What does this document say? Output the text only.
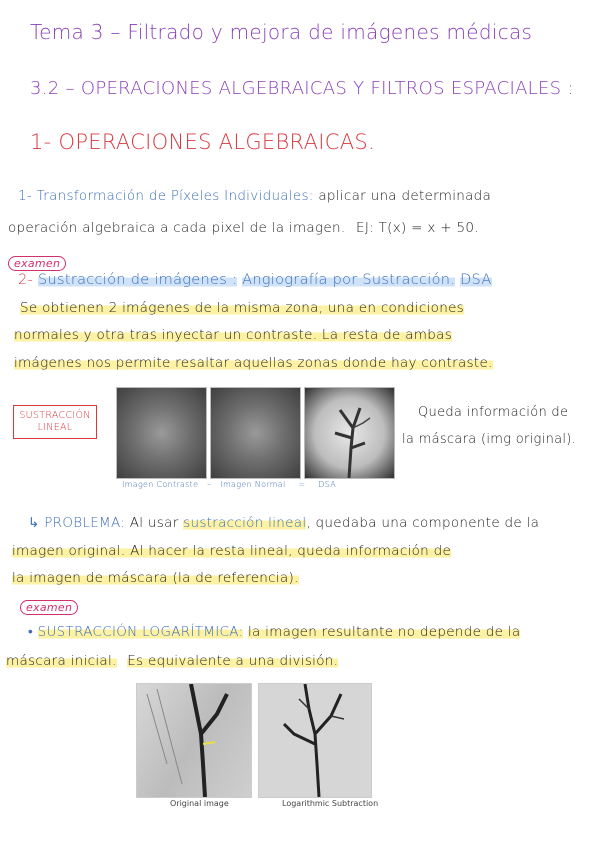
Tema 3 – Filtrado y mejora de imágenes médicas
3.2 – OPERACIONES ALGEBRAICAS Y FILTROS ESPACIALES :
1- OPERACIONES ALGEBRAICAS.
1- Transformación de Píxeles Individuales: aplicar una determinada
operación algebraica a cada pixel de la imagen. EJ: T(x) = x + 50.
examen
2- Sustracción de imágenes : Angiografía por Sustracción. DSA
Se obtienen 2 imágenes de la misma zona, una en condiciones
normales y otra tras inyectar un contraste. La resta de ambas
imágenes nos permite resaltar aquellas zonas donde hay contraste.
SUSTRACCIÓN LINEAL
Imagen Contraste – Imagen Normal = DSA
Queda información de
la máscara (img original).
↳ PROBLEMA: Al usar sustracción lineal, quedaba una componente de la
imagen original. Al hacer la resta lineal, queda información de
la imagen de máscara (la de referencia).
examen
• SUSTRACCIÓN LOGARÍTMICA: la imagen resultante no depende de la
máscara inicial. Es equivalente a una división.
Original image	Logarithmic Subtraction
